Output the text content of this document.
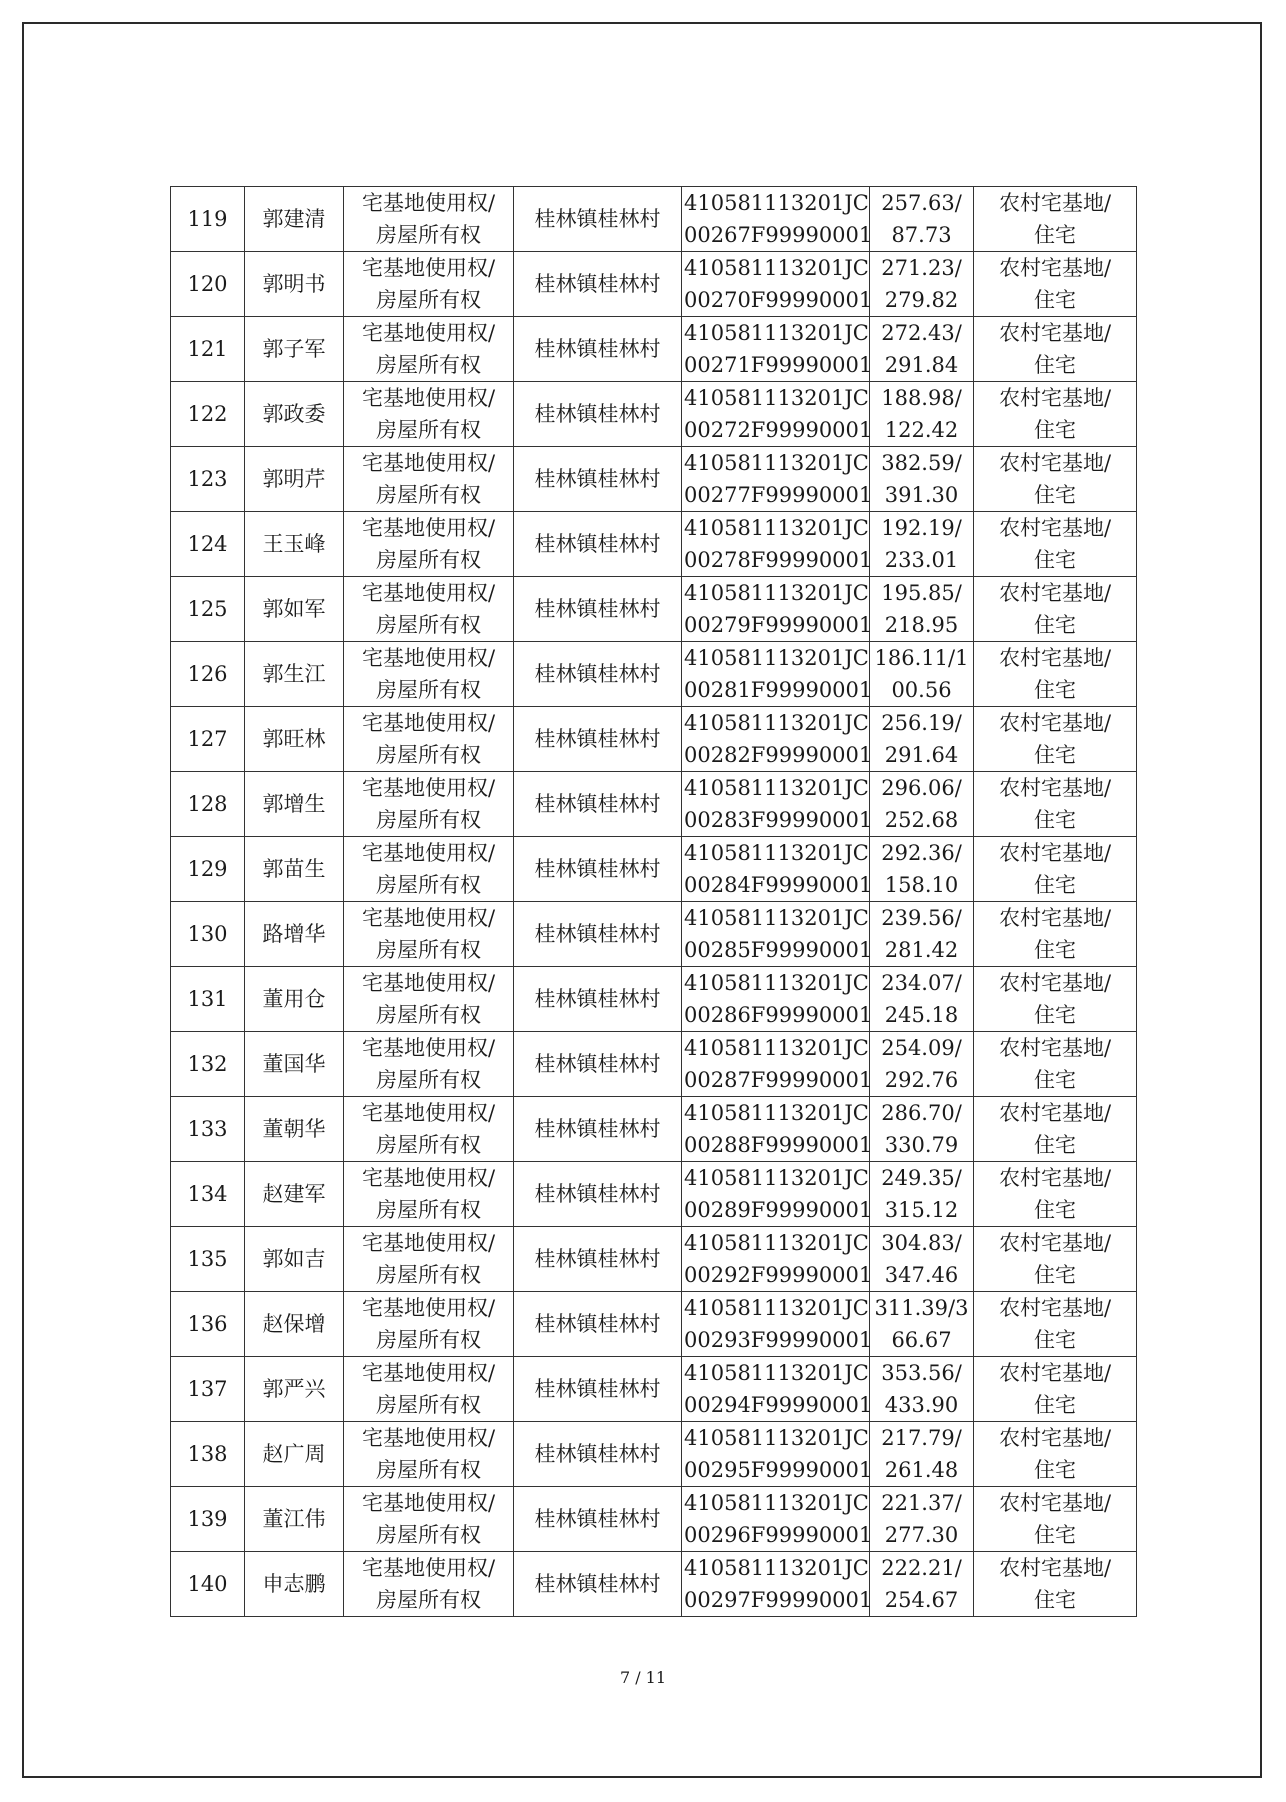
119	郭建清	宅基地使用权/
房屋所有权	桂林镇桂林村	410581113201JC
00267F99990001	257.63/
87.73	农村宅基地/
住宅

120	郭明书	宅基地使用权/
房屋所有权	桂林镇桂林村	410581113201JC
00270F99990001	271.23/
279.82	农村宅基地/
住宅

121	郭子军	宅基地使用权/
房屋所有权	桂林镇桂林村	410581113201JC
00271F99990001	272.43/
291.84	农村宅基地/
住宅

122	郭政委	宅基地使用权/
房屋所有权	桂林镇桂林村	410581113201JC
00272F99990001	188.98/
122.42	农村宅基地/
住宅

123	郭明芹	宅基地使用权/
房屋所有权	桂林镇桂林村	410581113201JC
00277F99990001	382.59/
391.30	农村宅基地/
住宅

124	王玉峰	宅基地使用权/
房屋所有权	桂林镇桂林村	410581113201JC
00278F99990001	192.19/
233.01	农村宅基地/
住宅

125	郭如军	宅基地使用权/
房屋所有权	桂林镇桂林村	410581113201JC
00279F99990001	195.85/
218.95	农村宅基地/
住宅

126	郭生江	宅基地使用权/
房屋所有权	桂林镇桂林村	410581113201JC
00281F99990001	186.11/1
00.56	农村宅基地/
住宅

127	郭旺林	宅基地使用权/
房屋所有权	桂林镇桂林村	410581113201JC
00282F99990001	256.19/
291.64	农村宅基地/
住宅

128	郭增生	宅基地使用权/
房屋所有权	桂林镇桂林村	410581113201JC
00283F99990001	296.06/
252.68	农村宅基地/
住宅

129	郭苗生	宅基地使用权/
房屋所有权	桂林镇桂林村	410581113201JC
00284F99990001	292.36/
158.10	农村宅基地/
住宅

130	路增华	宅基地使用权/
房屋所有权	桂林镇桂林村	410581113201JC
00285F99990001	239.56/
281.42	农村宅基地/
住宅

131	董用仓	宅基地使用权/
房屋所有权	桂林镇桂林村	410581113201JC
00286F99990001	234.07/
245.18	农村宅基地/
住宅

132	董国华	宅基地使用权/
房屋所有权	桂林镇桂林村	410581113201JC
00287F99990001	254.09/
292.76	农村宅基地/
住宅

133	董朝华	宅基地使用权/
房屋所有权	桂林镇桂林村	410581113201JC
00288F99990001	286.70/
330.79	农村宅基地/
住宅

134	赵建军	宅基地使用权/
房屋所有权	桂林镇桂林村	410581113201JC
00289F99990001	249.35/
315.12	农村宅基地/
住宅

135	郭如吉	宅基地使用权/
房屋所有权	桂林镇桂林村	410581113201JC
00292F99990001	304.83/
347.46	农村宅基地/
住宅

136	赵保增	宅基地使用权/
房屋所有权	桂林镇桂林村	410581113201JC
00293F99990001	311.39/3
66.67	农村宅基地/
住宅

137	郭严兴	宅基地使用权/
房屋所有权	桂林镇桂林村	410581113201JC
00294F99990001	353.56/
433.90	农村宅基地/
住宅

138	赵广周	宅基地使用权/
房屋所有权	桂林镇桂林村	410581113201JC
00295F99990001	217.79/
261.48	农村宅基地/
住宅

139	董江伟	宅基地使用权/
房屋所有权	桂林镇桂林村	410581113201JC
00296F99990001	221.37/
277.30	农村宅基地/
住宅

140	申志鹏	宅基地使用权/
房屋所有权	桂林镇桂林村	410581113201JC
00297F99990001	222.21/
254.67	农村宅基地/
住宅
7 / 11
